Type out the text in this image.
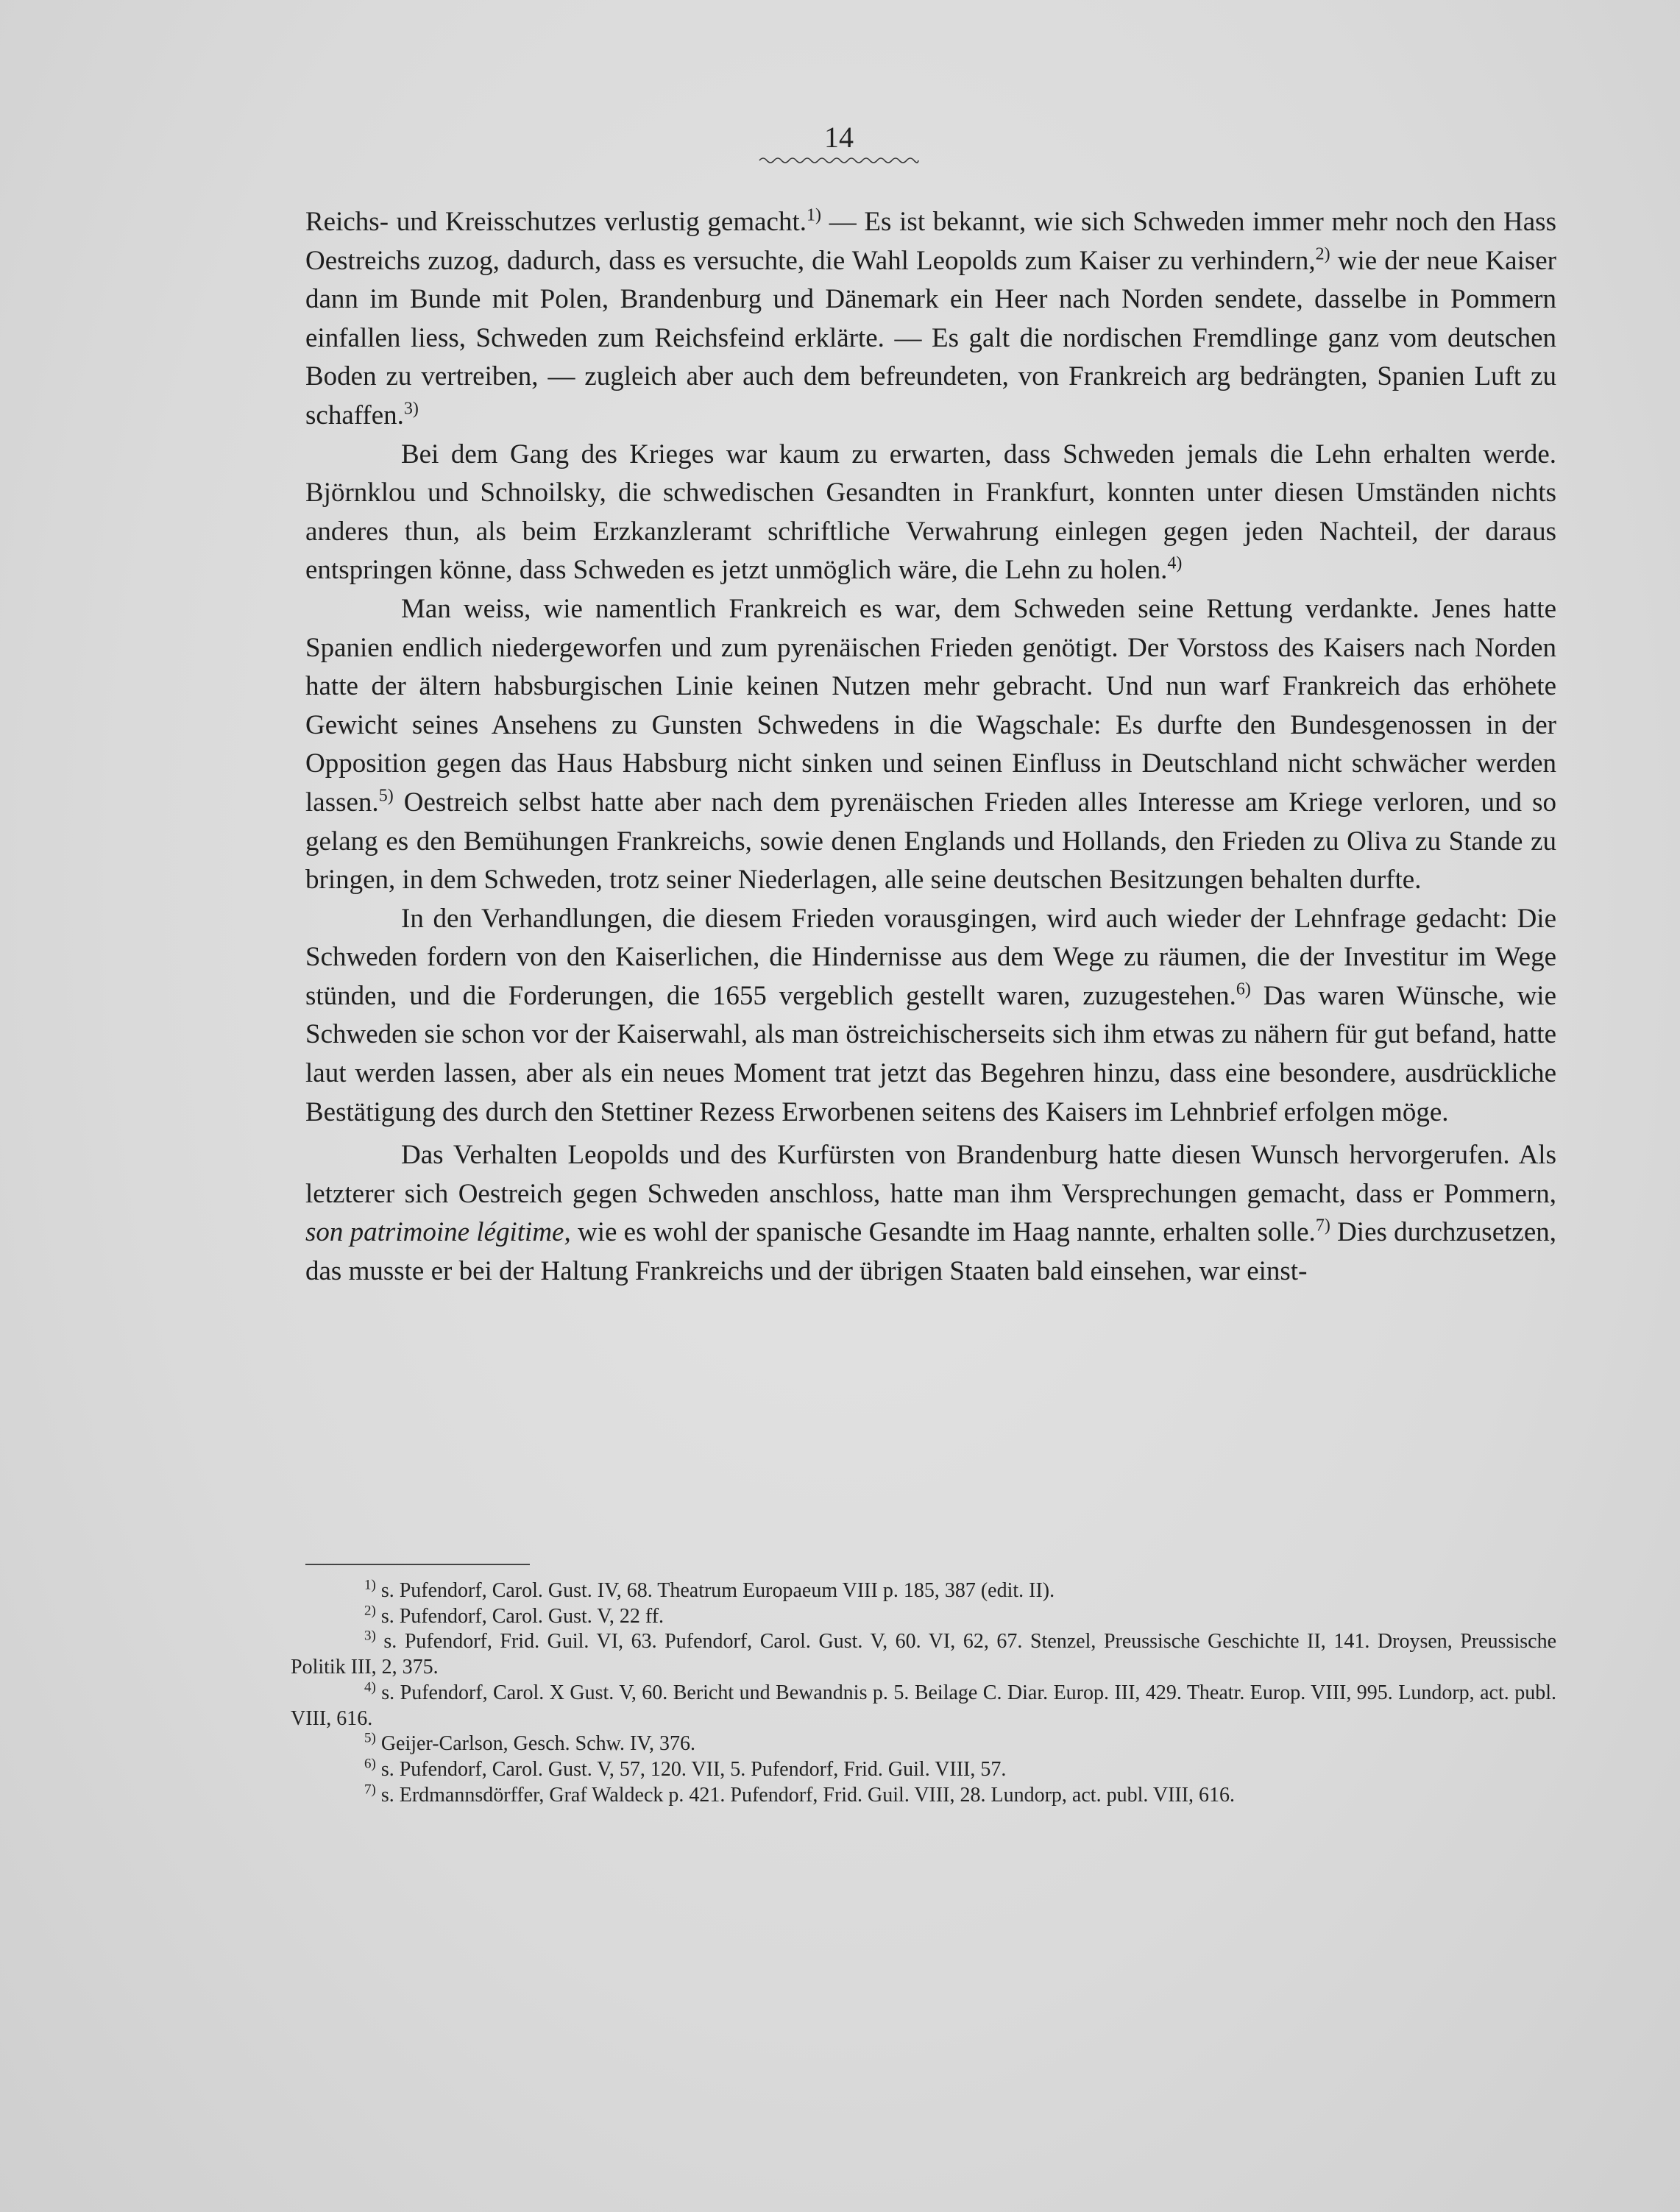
14

Reichs- und Kreisschutzes verlustig gemacht.$^{1)}$ — Es ist bekannt, wie sich Schweden immer mehr noch den Hass Oestreichs zuzog, dadurch, dass es versuchte, die Wahl Leopolds zum Kaiser zu verhindern,$^{2)}$ wie der neue Kaiser dann im Bunde mit Polen, Brandenburg und Dänemark ein Heer nach Norden sendete, dasselbe in Pommern einfallen liess, Schweden zum Reichsfeind erklärte. — Es galt die nordischen Fremdlinge ganz vom deutschen Boden zu vertreiben, — zugleich aber auch dem befreundeten, von Frankreich arg bedrängten, Spanien Luft zu schaffen.$^{3)}$

Bei dem Gang des Krieges war kaum zu erwarten, dass Schweden jemals die Lehn erhalten werde. Björnklou und Schnoilsky, die schwedischen Gesandten in Frankfurt, konnten unter diesen Umständen nichts anderes thun, als beim Erzkanzleramt schriftliche Verwahrung einlegen gegen jeden Nachteil, der daraus entspringen könne, dass Schweden es jetzt unmöglich wäre, die Lehn zu holen.$^{4)}$

Man weiss, wie namentlich Frankreich es war, dem Schweden seine Rettung verdankte. Jenes hatte Spanien endlich niedergeworfen und zum pyrenäischen Frieden genötigt. Der Vorstoss des Kaisers nach Norden hatte der ältern habsburgischen Linie keinen Nutzen mehr gebracht. Und nun warf Frankreich das erhöhete Gewicht seines Ansehens zu Gunsten Schwedens in die Wagschale: Es durfte den Bundesgenossen in der Opposition gegen das Haus Habsburg nicht sinken und seinen Einfluss in Deutschland nicht schwächer werden lassen.$^{5)}$ Oestreich selbst hatte aber nach dem pyrenäischen Frieden alles Interesse am Kriege verloren, und so gelang es den Bemühungen Frankreichs, sowie denen Englands und Hollands, den Frieden zu Oliva zu Stande zu bringen, in dem Schweden, trotz seiner Niederlagen, alle seine deutschen Besitzungen behalten durfte.

In den Verhandlungen, die diesem Frieden vorausgingen, wird auch wieder der Lehnfrage gedacht: Die Schweden fordern von den Kaiserlichen, die Hindernisse aus dem Wege zu räumen, die der Investitur im Wege stünden, und die Forderungen, die 1655 vergeblich gestellt waren, zuzugestehen.$^{6)}$ Das waren Wünsche, wie Schweden sie schon vor der Kaiserwahl, als man östreichischerseits sich ihm etwas zu nähern für gut befand, hatte laut werden lassen, aber als ein neues Moment trat jetzt das Begehren hinzu, dass eine besondere, ausdrückliche Bestätigung des durch den Stettiner Rezess Erworbenen seitens des Kaisers im Lehnbrief erfolgen möge.

Das Verhalten Leopolds und des Kurfürsten von Brandenburg hatte diesen Wunsch hervorgerufen. Als letzterer sich Oestreich gegen Schweden anschloss, hatte man ihm Versprechungen gemacht, dass er Pommern, son patrimoine légitime, wie es wohl der spanische Gesandte im Haag nannte, erhalten solle.$^{7)}$ Dies durchzusetzen, das musste er bei der Haltung Frankreichs und der übrigen Staaten bald einsehen, war einst-

$^{1)}$ s. Pufendorf, Carol. Gust. IV, 68. Theatrum Europaeum VIII p. 185, 387 (edit. II).

$^{2)}$ s. Pufendorf, Carol. Gust. V, 22 ff.

$^{3)}$ s. Pufendorf, Frid. Guil. VI, 63. Pufendorf, Carol. Gust. V, 60. VI, 62, 67. Stenzel, Preussische Geschichte II, 141. Droysen, Preussische Politik III, 2, 375.

$^{4)}$ s. Pufendorf, Carol. X Gust. V, 60. Bericht und Bewandnis p. 5. Beilage C. Diar. Europ. III, 429. Theatr. Europ. VIII, 995. Lundorp, act. publ. VIII, 616.

$^{5)}$ Geijer-Carlson, Gesch. Schw. IV, 376.

$^{6)}$ s. Pufendorf, Carol. Gust. V, 57, 120. VII, 5. Pufendorf, Frid. Guil. VIII, 57.

$^{7)}$ s. Erdmannsdörffer, Graf Waldeck p. 421. Pufendorf, Frid. Guil. VIII, 28. Lundorp, act. publ. VIII, 616.
